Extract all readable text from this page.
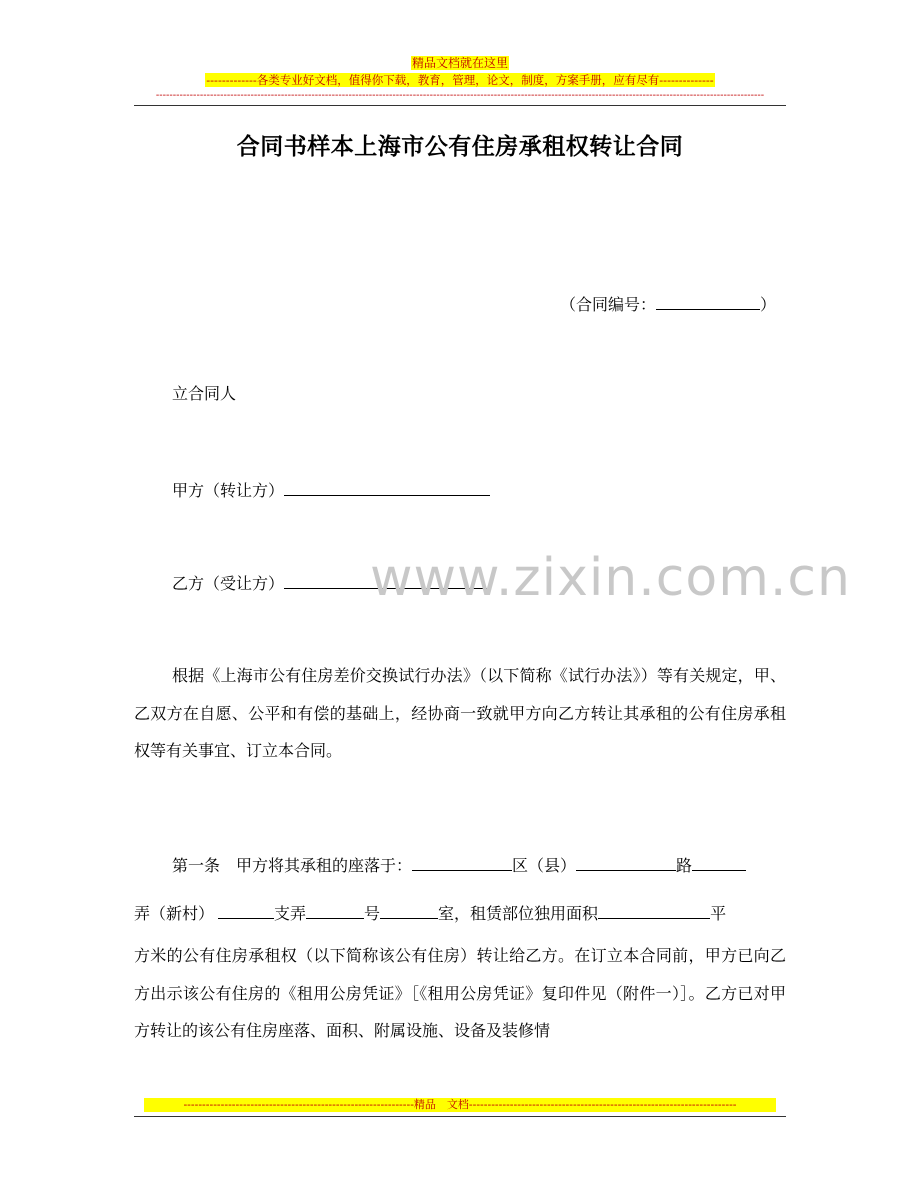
精品文档就在这里
-------------各类专业好文档，值得你下载，教育，管理，论文，制度，方案手册，应有尽有--------------
------------------------------------------------------------------------------------------------------------------------------------------------------------------------------------
合同书样本上海市公有住房承租权转让合同
（合同编号：	）
立合同人
甲方（转让方）
乙方（受让方）	www.zixin.com.cn
根据《上海市公有住房差价交换试行办法》（以下简称《试行办法》）等有关规定，甲、乙双方在自愿、公平和有偿的基础上，经协商一致就甲方向乙方转让其承租的公有住房承租权等有关事宜、订立本合同。
第一条　甲方将其承租的座落于：	区（县）	路
弄（新村）	支弄	号	室，租赁部位独用面积	平
方米的公有住房承租权（以下简称该公有住房）转让给乙方。在订立本合同前，甲方已向乙方出示该公有住房的《租用公房凭证》［《租用公房凭证》复印件见（附件一）］。乙方已对甲方转让的该公有住房座落、面积、附属设施、设备及装修情
--------------------------------------------------------------精品　文档------------------------------------------------------------------------
